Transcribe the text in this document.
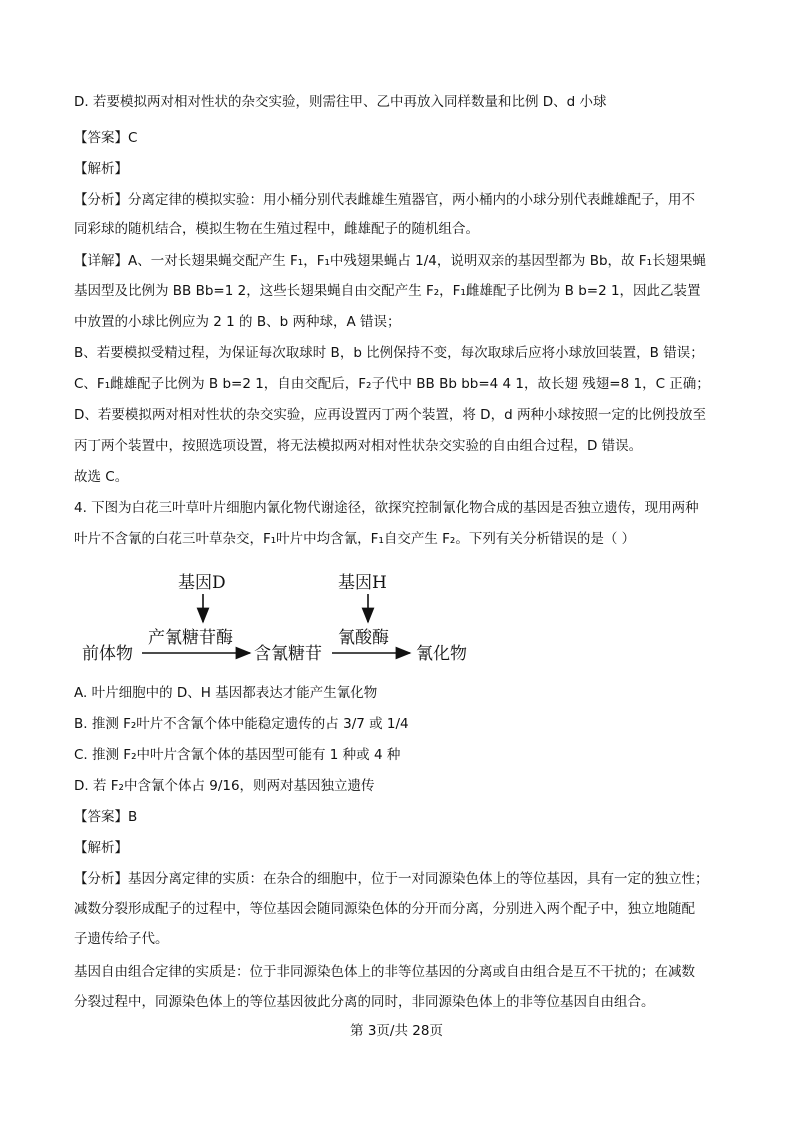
D. 若要模拟两对相对性状的杂交实验，则需往甲、乙中再放入同样数量和比例 D、d 小球
【答案】C
【解析】
【分析】分离定律的模拟实验：用小桶分别代表雌雄生殖器官，两小桶内的小球分别代表雌雄配子，用不
同彩球的随机结合，模拟生物在生殖过程中，雌雄配子的随机组合。
【详解】A、一对长翅果蝇交配产生 F₁，F₁中残翅果蝇占 1/4，说明双亲的基因型都为 Bb，故 F₁长翅果蝇
基因型及比例为 BB Bb=1 2，这些长翅果蝇自由交配产生 F₂，F₁雌雄配子比例为 B b=2 1，因此乙装置
中放置的小球比例应为 2 1 的 B、b 两种球，A 错误；
B、若要模拟受精过程，为保证每次取球时 B，b 比例保持不变，每次取球后应将小球放回装置，B 错误；
C、F₁雌雄配子比例为 B b=2 1，自由交配后，F₂子代中 BB Bb bb=4 4 1，故长翅 残翅=8 1，C 正确；
D、若要模拟两对相对性状的杂交实验，应再设置丙丁两个装置，将 D，d 两种小球按照一定的比例投放至
丙丁两个装置中，按照选项设置，将无法模拟两对相对性状杂交实验的自由组合过程，D 错误。
故选 C。
4. 下图为白花三叶草叶片细胞内氰化物代谢途径，欲探究控制氰化物合成的基因是否独立遗传，现用两种
叶片不含氰的白花三叶草杂交，F₁叶片中均含氰，F₁自交产生 F₂。下列有关分析错误的是（ ）
基因D	基因H
产氰糖苷酶	氰酸酶
前体物	含氰糖苷	氰化物
A. 叶片细胞中的 D、H 基因都表达才能产生氰化物
B. 推测 F₂叶片不含氰个体中能稳定遗传的占 3/7 或 1/4
C. 推测 F₂中叶片含氰个体的基因型可能有 1 种或 4 种
D. 若 F₂中含氰个体占 9/16，则两对基因独立遗传
【答案】B
【解析】
【分析】基因分离定律的实质：在杂合的细胞中，位于一对同源染色体上的等位基因，具有一定的独立性；
减数分裂形成配子的过程中，等位基因会随同源染色体的分开而分离，分别进入两个配子中，独立地随配
子遗传给子代。
基因自由组合定律的实质是：位于非同源染色体上的非等位基因的分离或自由组合是互不干扰的；在减数
分裂过程中，同源染色体上的等位基因彼此分离的同时，非同源染色体上的非等位基因自由组合。
第 3页/共 28页
